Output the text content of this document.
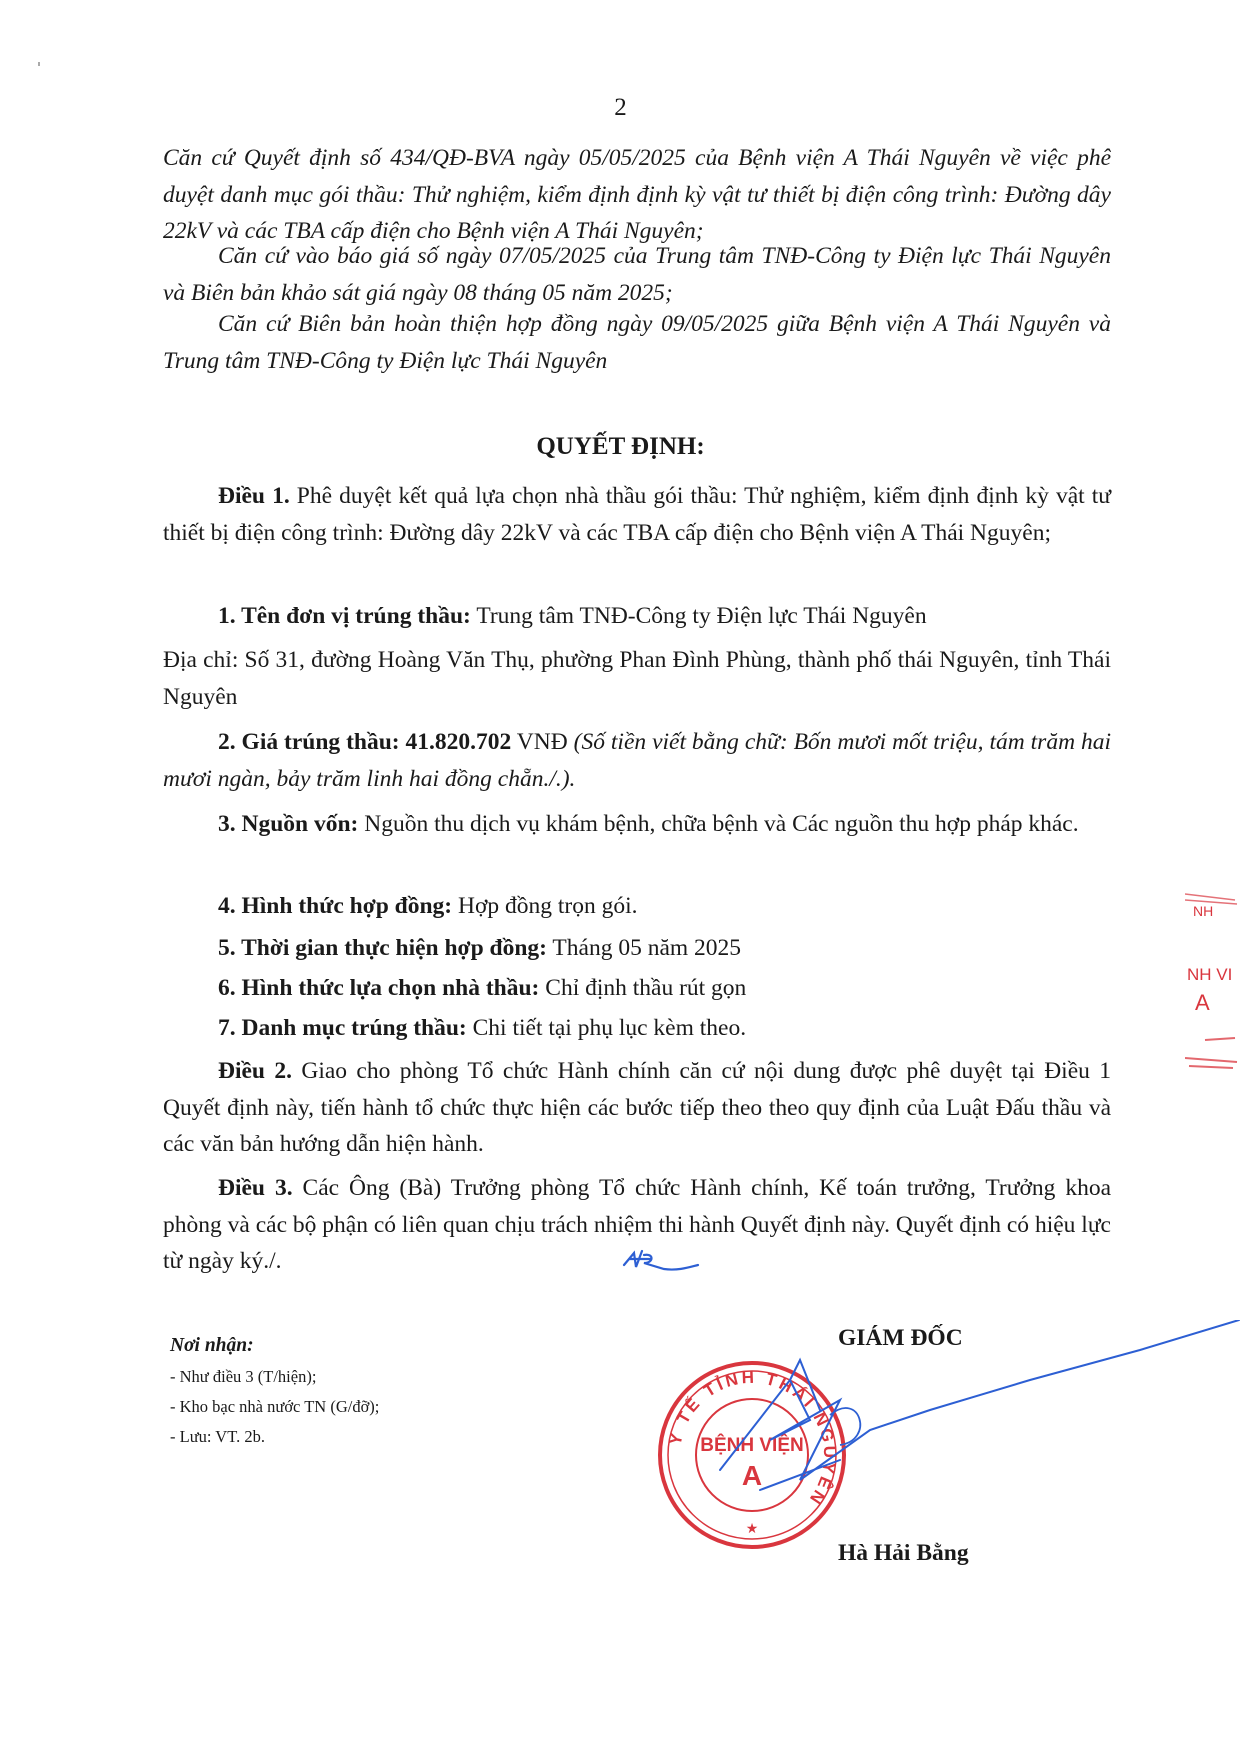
2

Căn cứ Quyết định số 434/QĐ-BVA ngày 05/05/2025 của Bệnh viện A Thái Nguyên về việc phê duyệt danh mục gói thầu: Thử nghiệm, kiểm định định kỳ vật tư thiết bị điện công trình: Đường dây 22kV và các TBA cấp điện cho Bệnh viện A Thái Nguyên;

Căn cứ vào báo giá số ngày 07/05/2025 của Trung tâm TNĐ-Công ty Điện lực Thái Nguyên và Biên bản khảo sát giá ngày 08 tháng 05 năm 2025;

Căn cứ Biên bản hoàn thiện hợp đồng ngày 09/05/2025 giữa Bệnh viện A Thái Nguyên và Trung tâm TNĐ-Công ty Điện lực Thái Nguyên

QUYẾT ĐỊNH:

Điều 1. Phê duyệt kết quả lựa chọn nhà thầu gói thầu: Thử nghiệm, kiểm định định kỳ vật tư thiết bị điện công trình: Đường dây 22kV và các TBA cấp điện cho Bệnh viện A Thái Nguyên;

1. Tên đơn vị trúng thầu: Trung tâm TNĐ-Công ty Điện lực Thái Nguyên

Địa chỉ: Số 31, đường Hoàng Văn Thụ, phường Phan Đình Phùng, thành phố thái Nguyên, tỉnh Thái Nguyên

2. Giá trúng thầu: 41.820.702 VNĐ (Số tiền viết bằng chữ: Bốn mươi mốt triệu, tám trăm hai mươi ngàn, bảy trăm linh hai đồng chẵn./.).

3. Nguồn vốn: Nguồn thu dịch vụ khám bệnh, chữa bệnh và Các nguồn thu hợp pháp khác.

4. Hình thức hợp đồng: Hợp đồng trọn gói.

5. Thời gian thực hiện hợp đồng: Tháng 05 năm 2025

6. Hình thức lựa chọn nhà thầu: Chỉ định thầu rút gọn

7. Danh mục trúng thầu: Chi tiết tại phụ lục kèm theo.

Điều 2. Giao cho phòng Tổ chức Hành chính căn cứ nội dung được phê duyệt tại Điều 1 Quyết định này, tiến hành tổ chức thực hiện các bước tiếp theo theo quy định của Luật Đấu thầu và các văn bản hướng dẫn hiện hành.

Điều 3. Các Ông (Bà) Trưởng phòng Tổ chức Hành chính, Kế toán trưởng, Trưởng khoa phòng và các bộ phận có liên quan chịu trách nhiệm thi hành Quyết định này. Quyết định có hiệu lực từ ngày ký./.

Nơi nhận:
- Như điều 3 (T/hiện);
- Kho bạc nhà nước TN (G/đỡ);
- Lưu: VT. 2b.
GIÁM ĐỐC
Y TẾ TỈNH THÁI NGUYÊN
BỆNH VIỆN
A
★
Hà Hải Bằng
NH
NH VI
A
